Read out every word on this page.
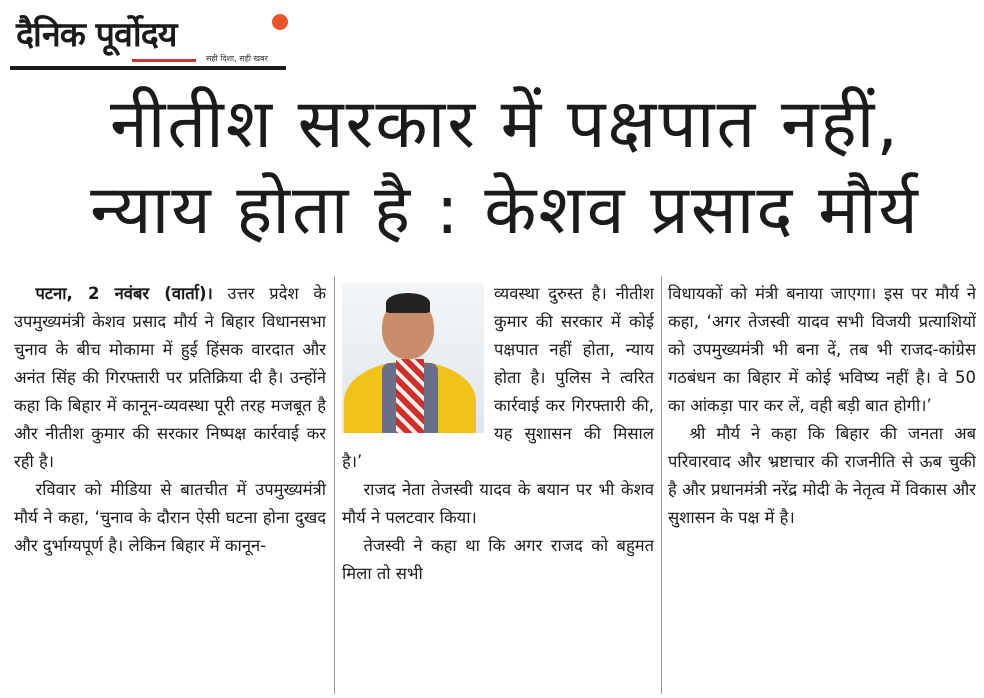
दैनिक पूर्वोदय
सही दिशा, सही खबर
नीतीश सरकार में पक्षपात नहीं,
न्याय होता है : केशव प्रसाद मौर्य

पटना, 2 नवंबर (वार्ता)। उत्तर प्रदेश के उपमुख्यमंत्री केशव प्रसाद मौर्य ने बिहार विधानसभा चुनाव के बीच मोकामा में हुई हिंसक वारदात और अनंत सिंह की गिरफ्तारी पर प्रतिक्रिया दी है। उन्होंने कहा कि बिहार में कानून-व्यवस्था पूरी तरह मजबूत है और नीतीश कुमार की सरकार निष्पक्ष कार्रवाई कर रही है।

रविवार को मीडिया से बातचीत में उपमुख्यमंत्री मौर्य ने कहा, ‘चुनाव के दौरान ऐसी घटना होना दुखद और दुर्भाग्यपूर्ण है। लेकिन बिहार में कानून-

व्यवस्था दुरुस्त है। नीतीश कुमार की सरकार में कोई पक्षपात नहीं होता, न्याय होता है। पुलिस ने त्वरित कार्रवाई कर गिरफ्तारी की, यह सुशासन की मिसाल है।’

राजद नेता तेजस्वी यादव के बयान पर भी केशव मौर्य ने पलटवार किया।

तेजस्वी ने कहा था कि अगर राजद को बहुमत मिला तो सभी

विधायकों को मंत्री बनाया जाएगा। इस पर मौर्य ने कहा, ‘अगर तेजस्वी यादव सभी विजयी प्रत्याशियों को उपमुख्यमंत्री भी बना दें, तब भी राजद-कांग्रेस गठबंधन का बिहार में कोई भविष्य नहीं है। वे 50 का आंकड़ा पार कर लें, वही बड़ी बात होगी।’

श्री मौर्य ने कहा कि बिहार की जनता अब परिवारवाद और भ्रष्टाचार की राजनीति से ऊब चुकी है और प्रधानमंत्री नरेंद्र मोदी के नेतृत्व में विकास और सुशासन के पक्ष में है।
